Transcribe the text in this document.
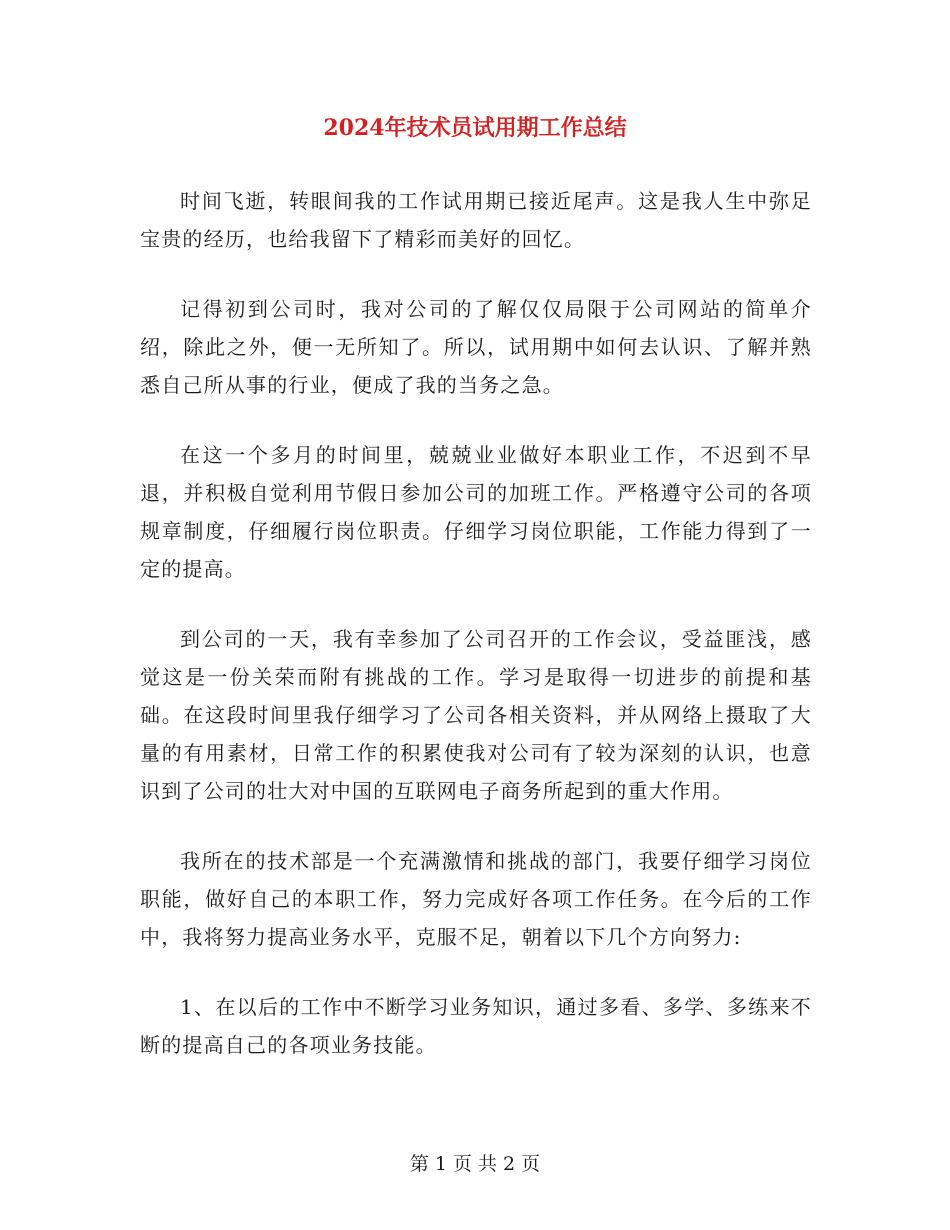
2024年技术员试用期工作总结

时间飞逝，转眼间我的工作试用期已接近尾声。这是我人生中弥足宝贵的经历，也给我留下了精彩而美好的回忆。

记得初到公司时，我对公司的了解仅仅局限于公司网站的简单介绍，除此之外，便一无所知了。所以，试用期中如何去认识、了解并熟悉自己所从事的行业，便成了我的当务之急。

在这一个多月的时间里，兢兢业业做好本职业工作，不迟到不早退，并积极自觉利用节假日参加公司的加班工作。严格遵守公司的各项规章制度，仔细履行岗位职责。仔细学习岗位职能，工作能力得到了一定的提高。

到公司的一天，我有幸参加了公司召开的工作会议，受益匪浅，感觉这是一份关荣而附有挑战的工作。学习是取得一切进步的前提和基础。在这段时间里我仔细学习了公司各相关资料，并从网络上摄取了大量的有用素材，日常工作的积累使我对公司有了较为深刻的认识，也意识到了公司的壮大对中国的互联网电子商务所起到的重大作用。

我所在的技术部是一个充满激情和挑战的部门，我要仔细学习岗位职能，做好自己的本职工作，努力完成好各项工作任务。在今后的工作中，我将努力提高业务水平，克服不足，朝着以下几个方向努力:

1、在以后的工作中不断学习业务知识，通过多看、多学、多练来不断的提高自己的各项业务技能。

第 1 页 共 2 页
